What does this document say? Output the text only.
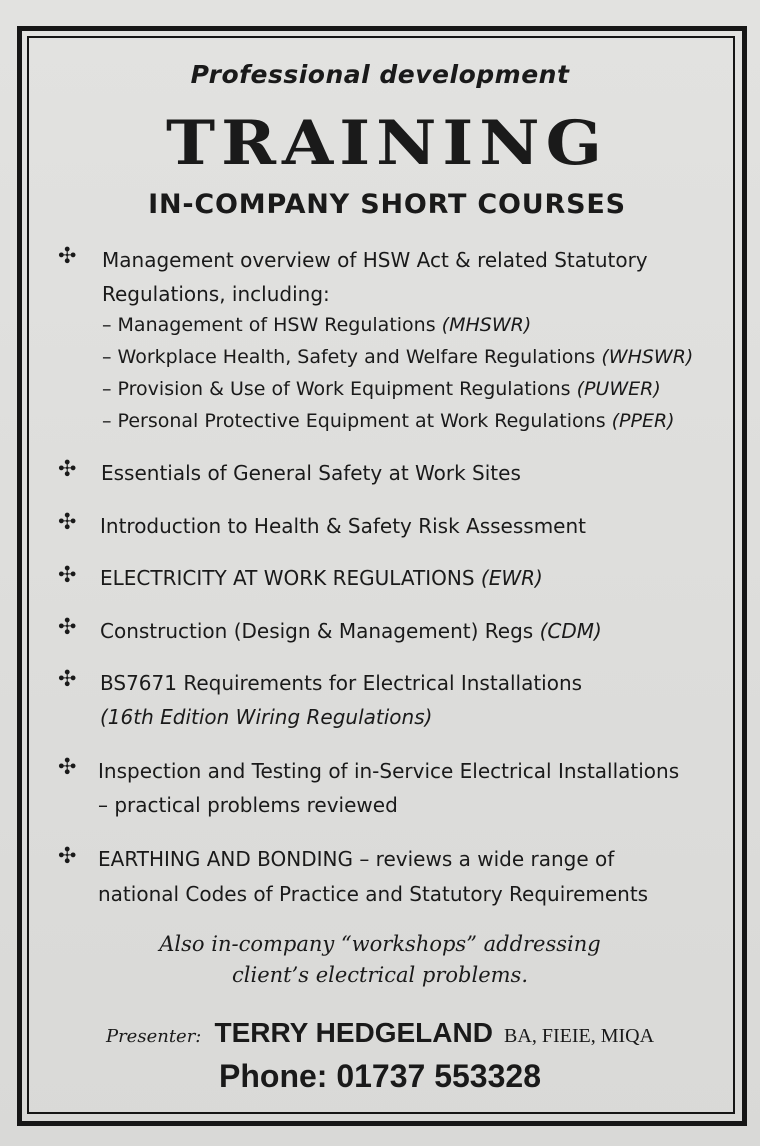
Professional development
TRAINING
IN-COMPANY SHORT COURSES
✣ Management overview of HSW Act & related Statutory
Regulations, including:
– Management of HSW Regulations (MHSWR)
– Workplace Health, Safety and Welfare Regulations (WHSWR)
– Provision & Use of Work Equipment Regulations (PUWER)
– Personal Protective Equipment at Work Regulations (PPER)
✣ Essentials of General Safety at Work Sites
✣ Introduction to Health & Safety Risk Assessment
✣ ELECTRICITY AT WORK REGULATIONS (EWR)
✣ Construction (Design & Management) Regs (CDM)
✣ BS7671 Requirements for Electrical Installations
(16th Edition Wiring Regulations)
✣ Inspection and Testing of in-Service Electrical Installations
– practical problems reviewed
✣ EARTHING AND BONDING – reviews a wide range of
national Codes of Practice and Statutory Requirements
Also in-company “workshops” addressing
client’s electrical problems.
Presenter: TERRY HEDGELAND BA, FIEIE, MIQA
Phone: 01737 553328
